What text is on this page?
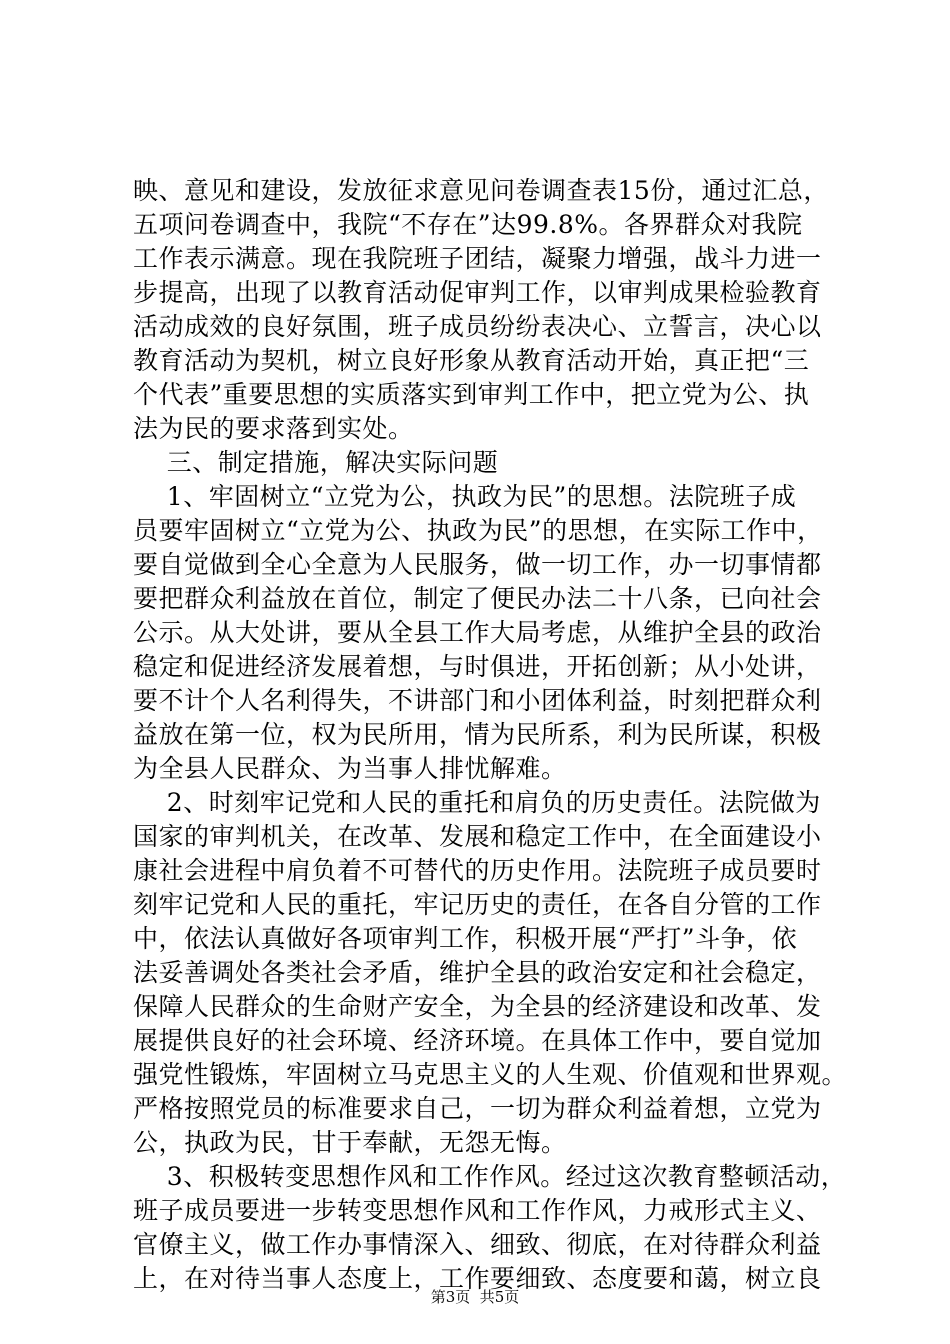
映、意见和建设，发放征求意见问卷调查表15份，通过汇总，
五项问卷调查中，我院“不存在”达99.8%。各界群众对我院
工作表示满意。现在我院班子团结，凝聚力增强，战斗力进一
步提高，出现了以教育活动促审判工作，以审判成果检验教育
活动成效的良好氛围，班子成员纷纷表决心、立誓言，决心以
教育活动为契机，树立良好形象从教育活动开始，真正把“三
个代表”重要思想的实质落实到审判工作中，把立党为公、执
法为民的要求落到实处。
三、制定措施，解决实际问题
1、牢固树立“立党为公，执政为民”的思想。法院班子成
员要牢固树立“立党为公、执政为民”的思想，在实际工作中，
要自觉做到全心全意为人民服务，做一切工作，办一切事情都
要把群众利益放在首位，制定了便民办法二十八条，已向社会
公示。从大处讲，要从全县工作大局考虑，从维护全县的政治
稳定和促进经济发展着想，与时俱进，开拓创新；从小处讲，
要不计个人名利得失，不讲部门和小团体利益，时刻把群众利
益放在第一位，权为民所用，情为民所系，利为民所谋，积极
为全县人民群众、为当事人排忧解难。
2、时刻牢记党和人民的重托和肩负的历史责任。法院做为
国家的审判机关，在改革、发展和稳定工作中，在全面建设小
康社会进程中肩负着不可替代的历史作用。法院班子成员要时
刻牢记党和人民的重托，牢记历史的责任，在各自分管的工作
中，依法认真做好各项审判工作，积极开展“严打”斗争，依
法妥善调处各类社会矛盾，维护全县的政治安定和社会稳定，
保障人民群众的生命财产安全，为全县的经济建设和改革、发
展提供良好的社会环境、经济环境。在具体工作中，要自觉加
强党性锻炼，牢固树立马克思主义的人生观、价值观和世界观。
严格按照党员的标准要求自己，一切为群众利益着想，立党为
公，执政为民，甘于奉献，无怨无悔。
3、积极转变思想作风和工作作风。经过这次教育整顿活动，
班子成员要进一步转变思想作风和工作作风，力戒形式主义、
官僚主义，做工作办事情深入、细致、彻底，在对待群众利益
上，在对待当事人态度上，工作要细致、态度要和蔼，树立良
第3页  共5页
